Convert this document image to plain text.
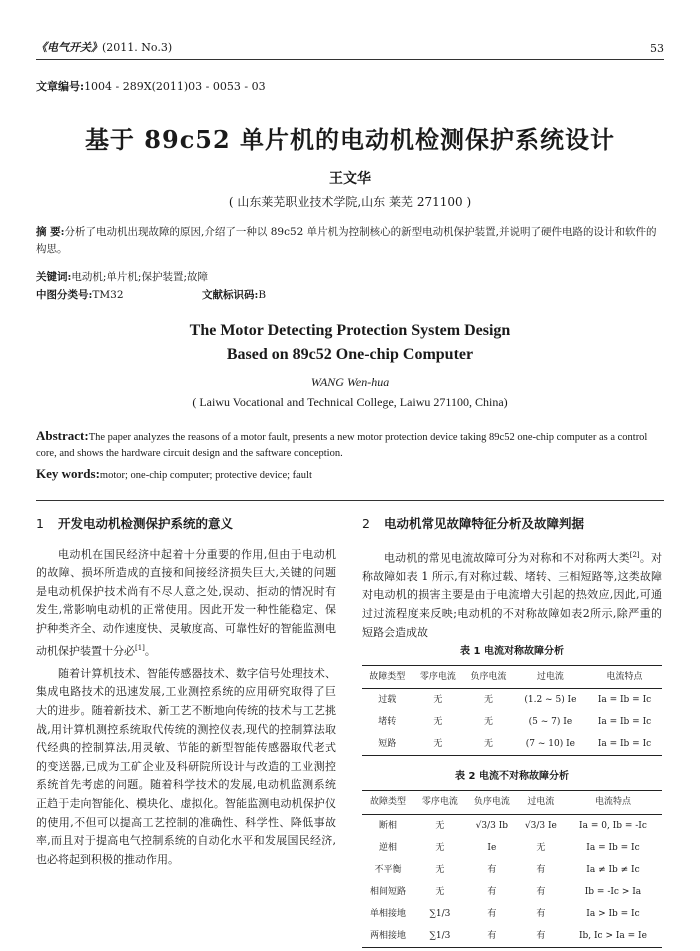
《电气开关》(2011. No.3)	53
文章编号:1004 - 289X(2011)03 - 0053 - 03
基于 89c52 单片机的电动机检测保护系统设计
王文华
( 山东莱芜职业技术学院,山东 莱芜 271100 )
摘 要:分析了电动机出现故障的原因,介绍了一种以 89c52 单片机为控制核心的新型电动机保护装置,并说明了硬件电路的设计和软件的构思。
关键词:电动机;单片机;保护装置;故障
中图分类号:TM32	文献标识码:B
The Motor Detecting Protection System Design
Based on 89c52 One-chip Computer
WANG Wen-hua
( Laiwu Vocational and Technical College, Laiwu 271100, China)
Abstract:The paper analyzes the reasons of a motor fault, presents a new motor protection device taking 89c52 one-chip computer as a control core, and shows the hardware circuit design and the saftware conception.
Key words:motor; one-chip computer; protective device; fault
1 开发电动机检测保护系统的意义

电动机在国民经济中起着十分重要的作用,但由于电动机的故障、损坏所造成的直接和间接经济损失巨大,关键的问题是电动机保护技术尚有不尽人意之处,误动、拒动的情况时有发生,常影响电动机的正常使用。因此开发一种性能稳定、保护种类齐全、动作速度快、灵敏度高、可靠性好的智能监测电动机保护装置十分必[1]。

随着计算机技术、智能传感器技术、数字信号处理技术、集成电路技术的迅速发展,工业测控系统的应用研究取得了巨大的进步。随着新技术、新工艺不断地向传统的技术与工艺挑战,用计算机测控系统取代传统的测控仪表,现代的控制算法取代经典的控制算法,用灵敏、节能的新型智能传感器取代老式的变送器,已成为工矿企业及科研院所设计与改造的工业测控系统首先考虑的问题。随着科学技术的发展,电动机监测系统正趋于走向智能化、模块化、虚拟化。智能监测电动机保护仪的使用,不但可以提高工艺控制的准确性、科学性、降低事故率,而且对于提高电气控制系统的自动化水平和发展国民经济,也必将起到积极的推动作用。

2 电动机常见故障特征分析及故障判据

电动机的常见电流故障可分为对称和不对称两大类[2]。对称故障如表 1 所示,有对称过载、堵转、三相短路等,这类故障对电动机的损害主要是由于电流增大引起的热效应,因此,可通过过流程度来反映;电动机的不对称故障如表2所示,除严重的短路会造成故

表 1 电流对称故障分析
故障类型	零序电流	负序电流	过电流	电流特点
过载	无	无	(1.2 ~ 5) Ie	Ia = Ib = Ic
堵转	无	无	(5 ~ 7) Ie	Ia = Ib = Ic
短路	无	无	(7 ~ 10) Ie	Ia = Ib = Ic
表 2 电流不对称故障分析
故障类型	零序电流	负序电流	过电流	电流特点
断相	无	√3/3 Ib	√3/3 Ie	Ia = 0, Ib = -Ic
逆相	无	Ie	无	Ia = Ib = Ic
不平衡	无	有	有	Ia ≠ Ib ≠ Ic
相间短路	无	有	有	Ib = -Ic > Ia
单相接地	∑1/3	有	有	Ia > Ib = Ic
两相接地	∑1/3	有	有	Ib, Ic > Ia = Ie
